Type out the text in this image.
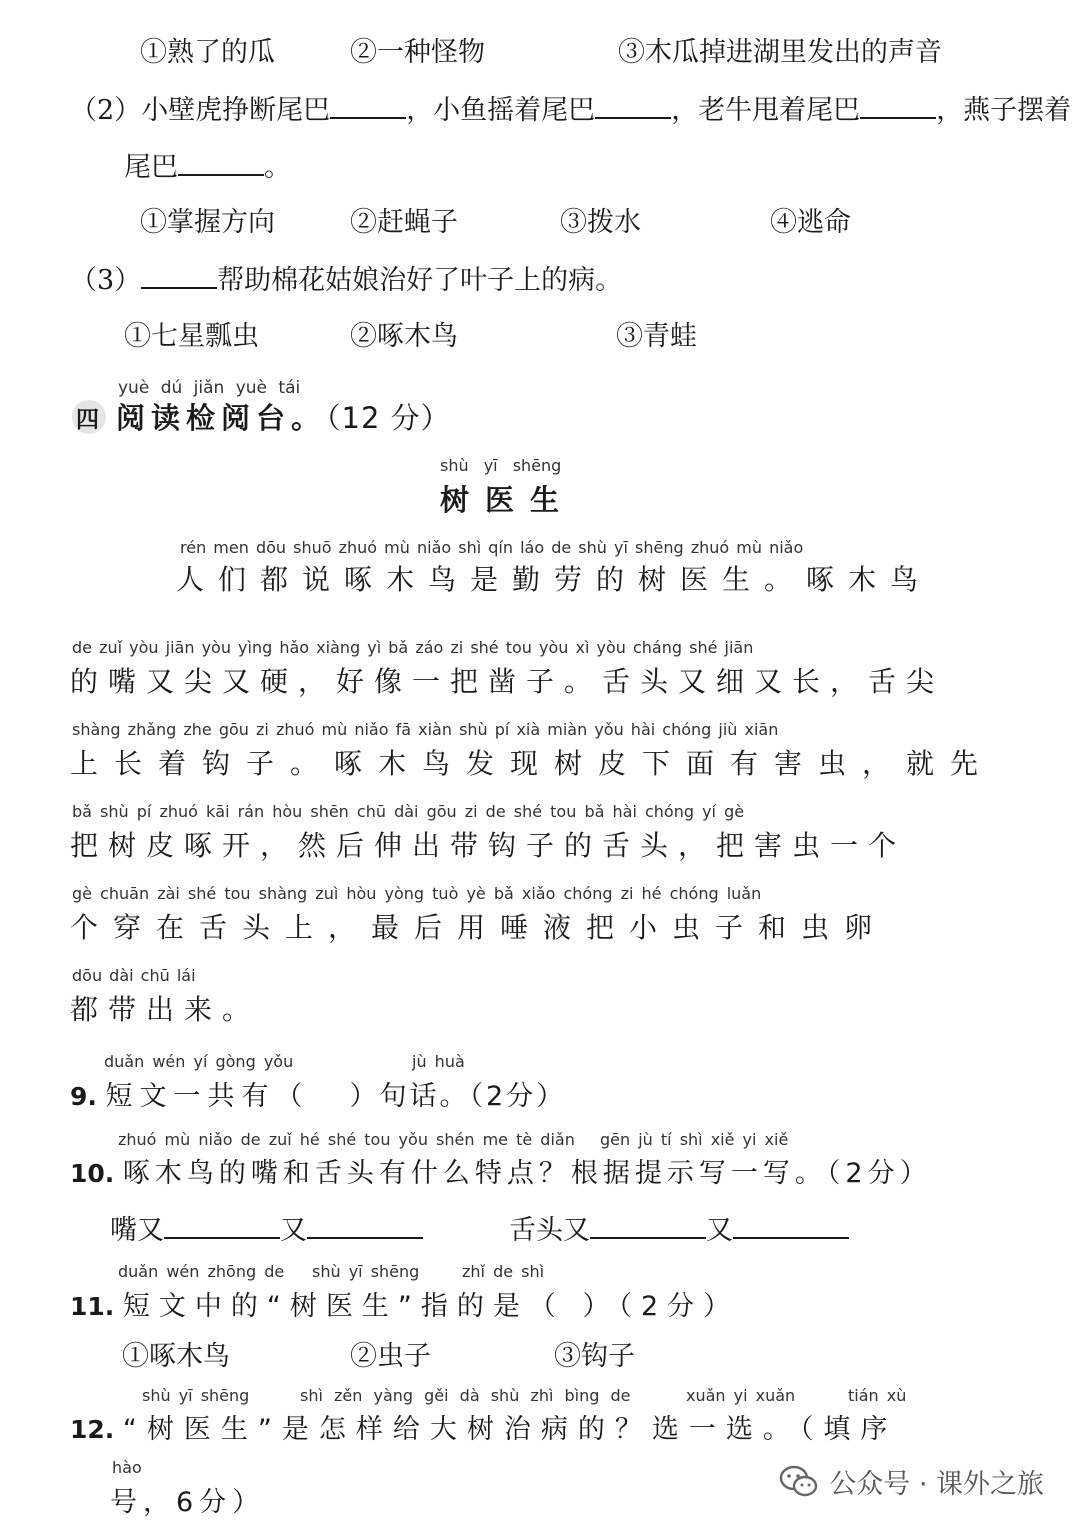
①熟了的瓜	②一种怪物	③木瓜掉进湖里发出的声音
（2）小壁虎挣断尾巴	，小鱼摇着尾巴	，老牛甩着尾巴	，燕子摆着
尾巴	。
①掌握方向	②赶蝇子	③拨水	④逃命
（3）	帮助棉花姑娘治好了叶子上的病。
①七星瓢虫	②啄木鸟	③青蛙
yuè dú jiǎn yuè tái
四 阅读检阅台。（12 分）
shù yī shēng
树医生
rén men dōu shuō zhuó mù niǎo shì qín láo de shù yī shēng zhuó mù niǎo
人们都说啄木鸟是勤劳的树医生。啄木鸟
de zuǐ yòu jiān yòu yìng hǎo xiàng yì bǎ záo zi shé tou yòu xì yòu cháng shé jiān
的嘴又尖又硬，好像一把凿子。舌头又细又长，舌尖
shàng zhǎng zhe gōu zi zhuó mù niǎo fā xiàn shù pí xià miàn yǒu hài chóng jiù xiān
上长着钩子。啄木鸟发现树皮下面有害虫，就先
bǎ shù pí zhuó kāi rán hòu shēn chū dài gōu zi de shé tou bǎ hài chóng yí gè
把树皮啄开，然后伸出带钩子的舌头，把害虫一个
gè chuān zài shé tou shàng zuì hòu yòng tuò yè bǎ xiǎo chóng zi hé chóng luǎn
个穿在舌头上，最后用唾液把小虫子和虫卵
dōu dài chū lái
都带出来。
duǎn wén yí gòng yǒu	jù huà
9. 短文一共有（ ）句话。（2分）
zhuó mù niǎo de zuǐ hé shé tou yǒu shén me tè diǎn gēn jù tí shì xiě yi xiě
10. 啄木鸟的嘴和舌头有什么特点？根据提示写一写。（2分）
嘴又	又	舌头又	又
duǎn wén zhōng de shù yī shēng	zhǐ de shì
11. 短文中的“树医生”指的是（ ）（2分）
①啄木鸟	②虫子	③钩子
shù yī shēng	shì zěn yàng gěi dà shù zhì bìng de	xuǎn yi xuǎn	tián xù
12. “树医生”是怎样给大树治病的？选一选。（填序
hào
号，6分）
公众号 · 课外之旅
